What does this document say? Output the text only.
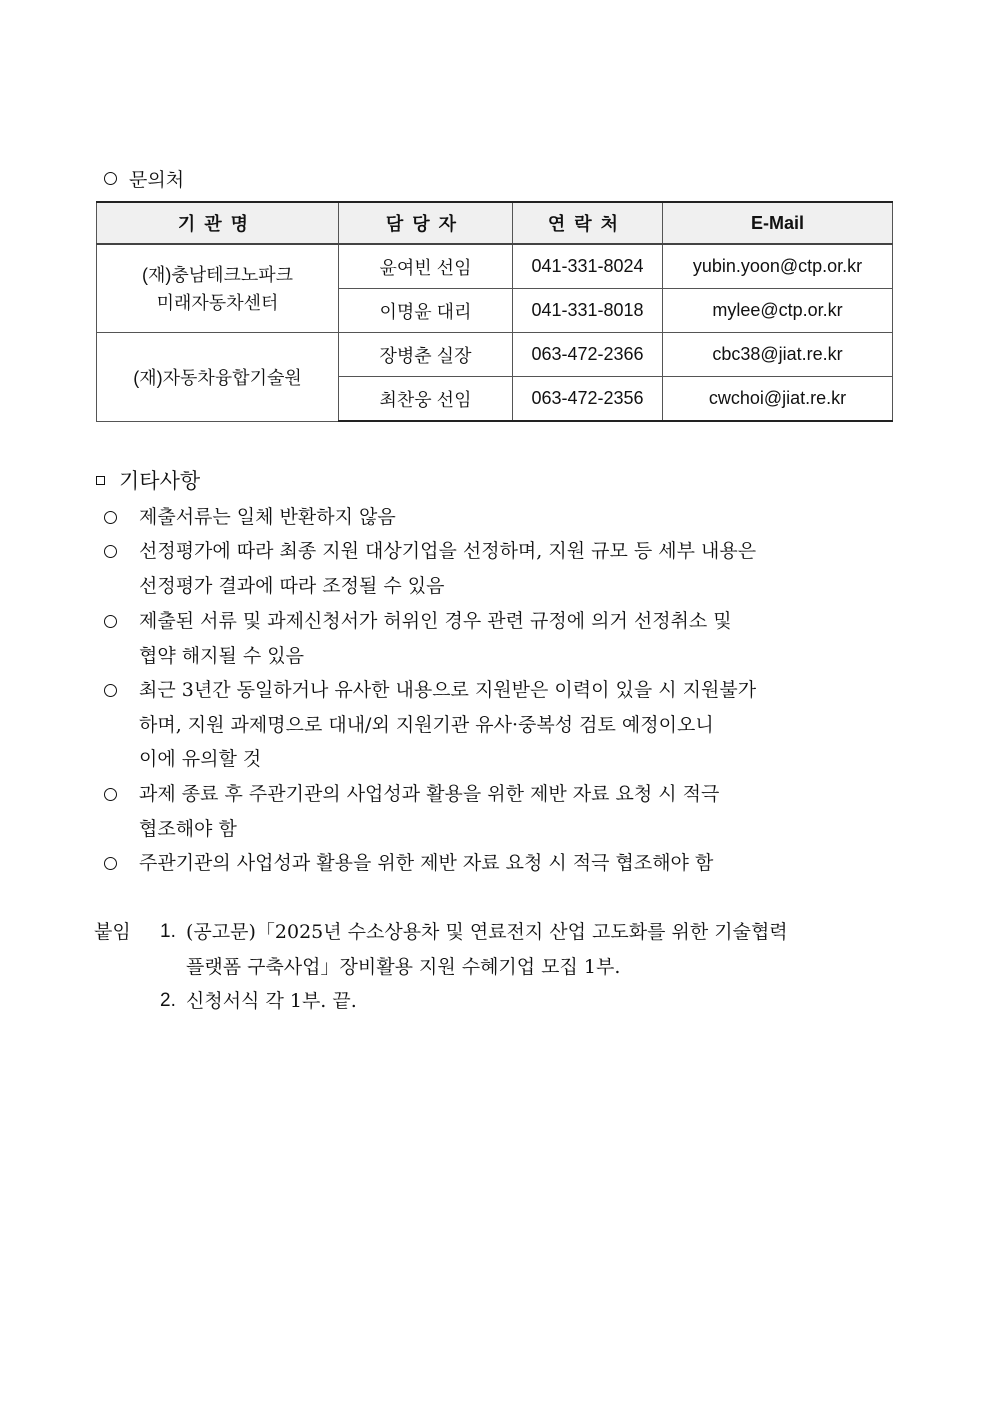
문의처
기관명	담당자	연락처	E-Mail
(재)충남테크노파크
미래자동차센터	윤여빈 선임	041-331-8024	yubin.yoon@ctp.or.kr
	이명윤 대리	041-331-8018	mylee@ctp.or.kr
(재)자동차융합기술원	장병춘 실장	063-472-2366	cbc38@jiat.re.kr
	최찬웅 선임	063-472-2356	cwchoi@jiat.re.kr
기타사항
제출서류는 일체 반환하지 않음
선정평가에 따라 최종 지원 대상기업을 선정하며, 지원 규모 등 세부 내용은
선정평가 결과에 따라 조정될 수 있음
제출된 서류 및 과제신청서가 허위인 경우 관련 규정에 의거 선정취소 및
협약 해지될 수 있음
최근 3년간 동일하거나 유사한 내용으로 지원받은 이력이 있을 시 지원불가
하며, 지원 과제명으로 대내/외 지원기관 유사·중복성 검토 예정이오니
이에 유의할 것
과제 종료 후 주관기관의 사업성과 활용을 위한 제반 자료 요청 시 적극
협조해야 함
주관기관의 사업성과 활용을 위한 제반 자료 요청 시 적극 협조해야 함
붙임 1. (공고문)「2025년 수소상용차 및 연료전지 산업 고도화를 위한 기술협력
플랫폼 구축사업」장비활용 지원 수혜기업 모집 1부.
2. 신청서식 각 1부. 끝.
